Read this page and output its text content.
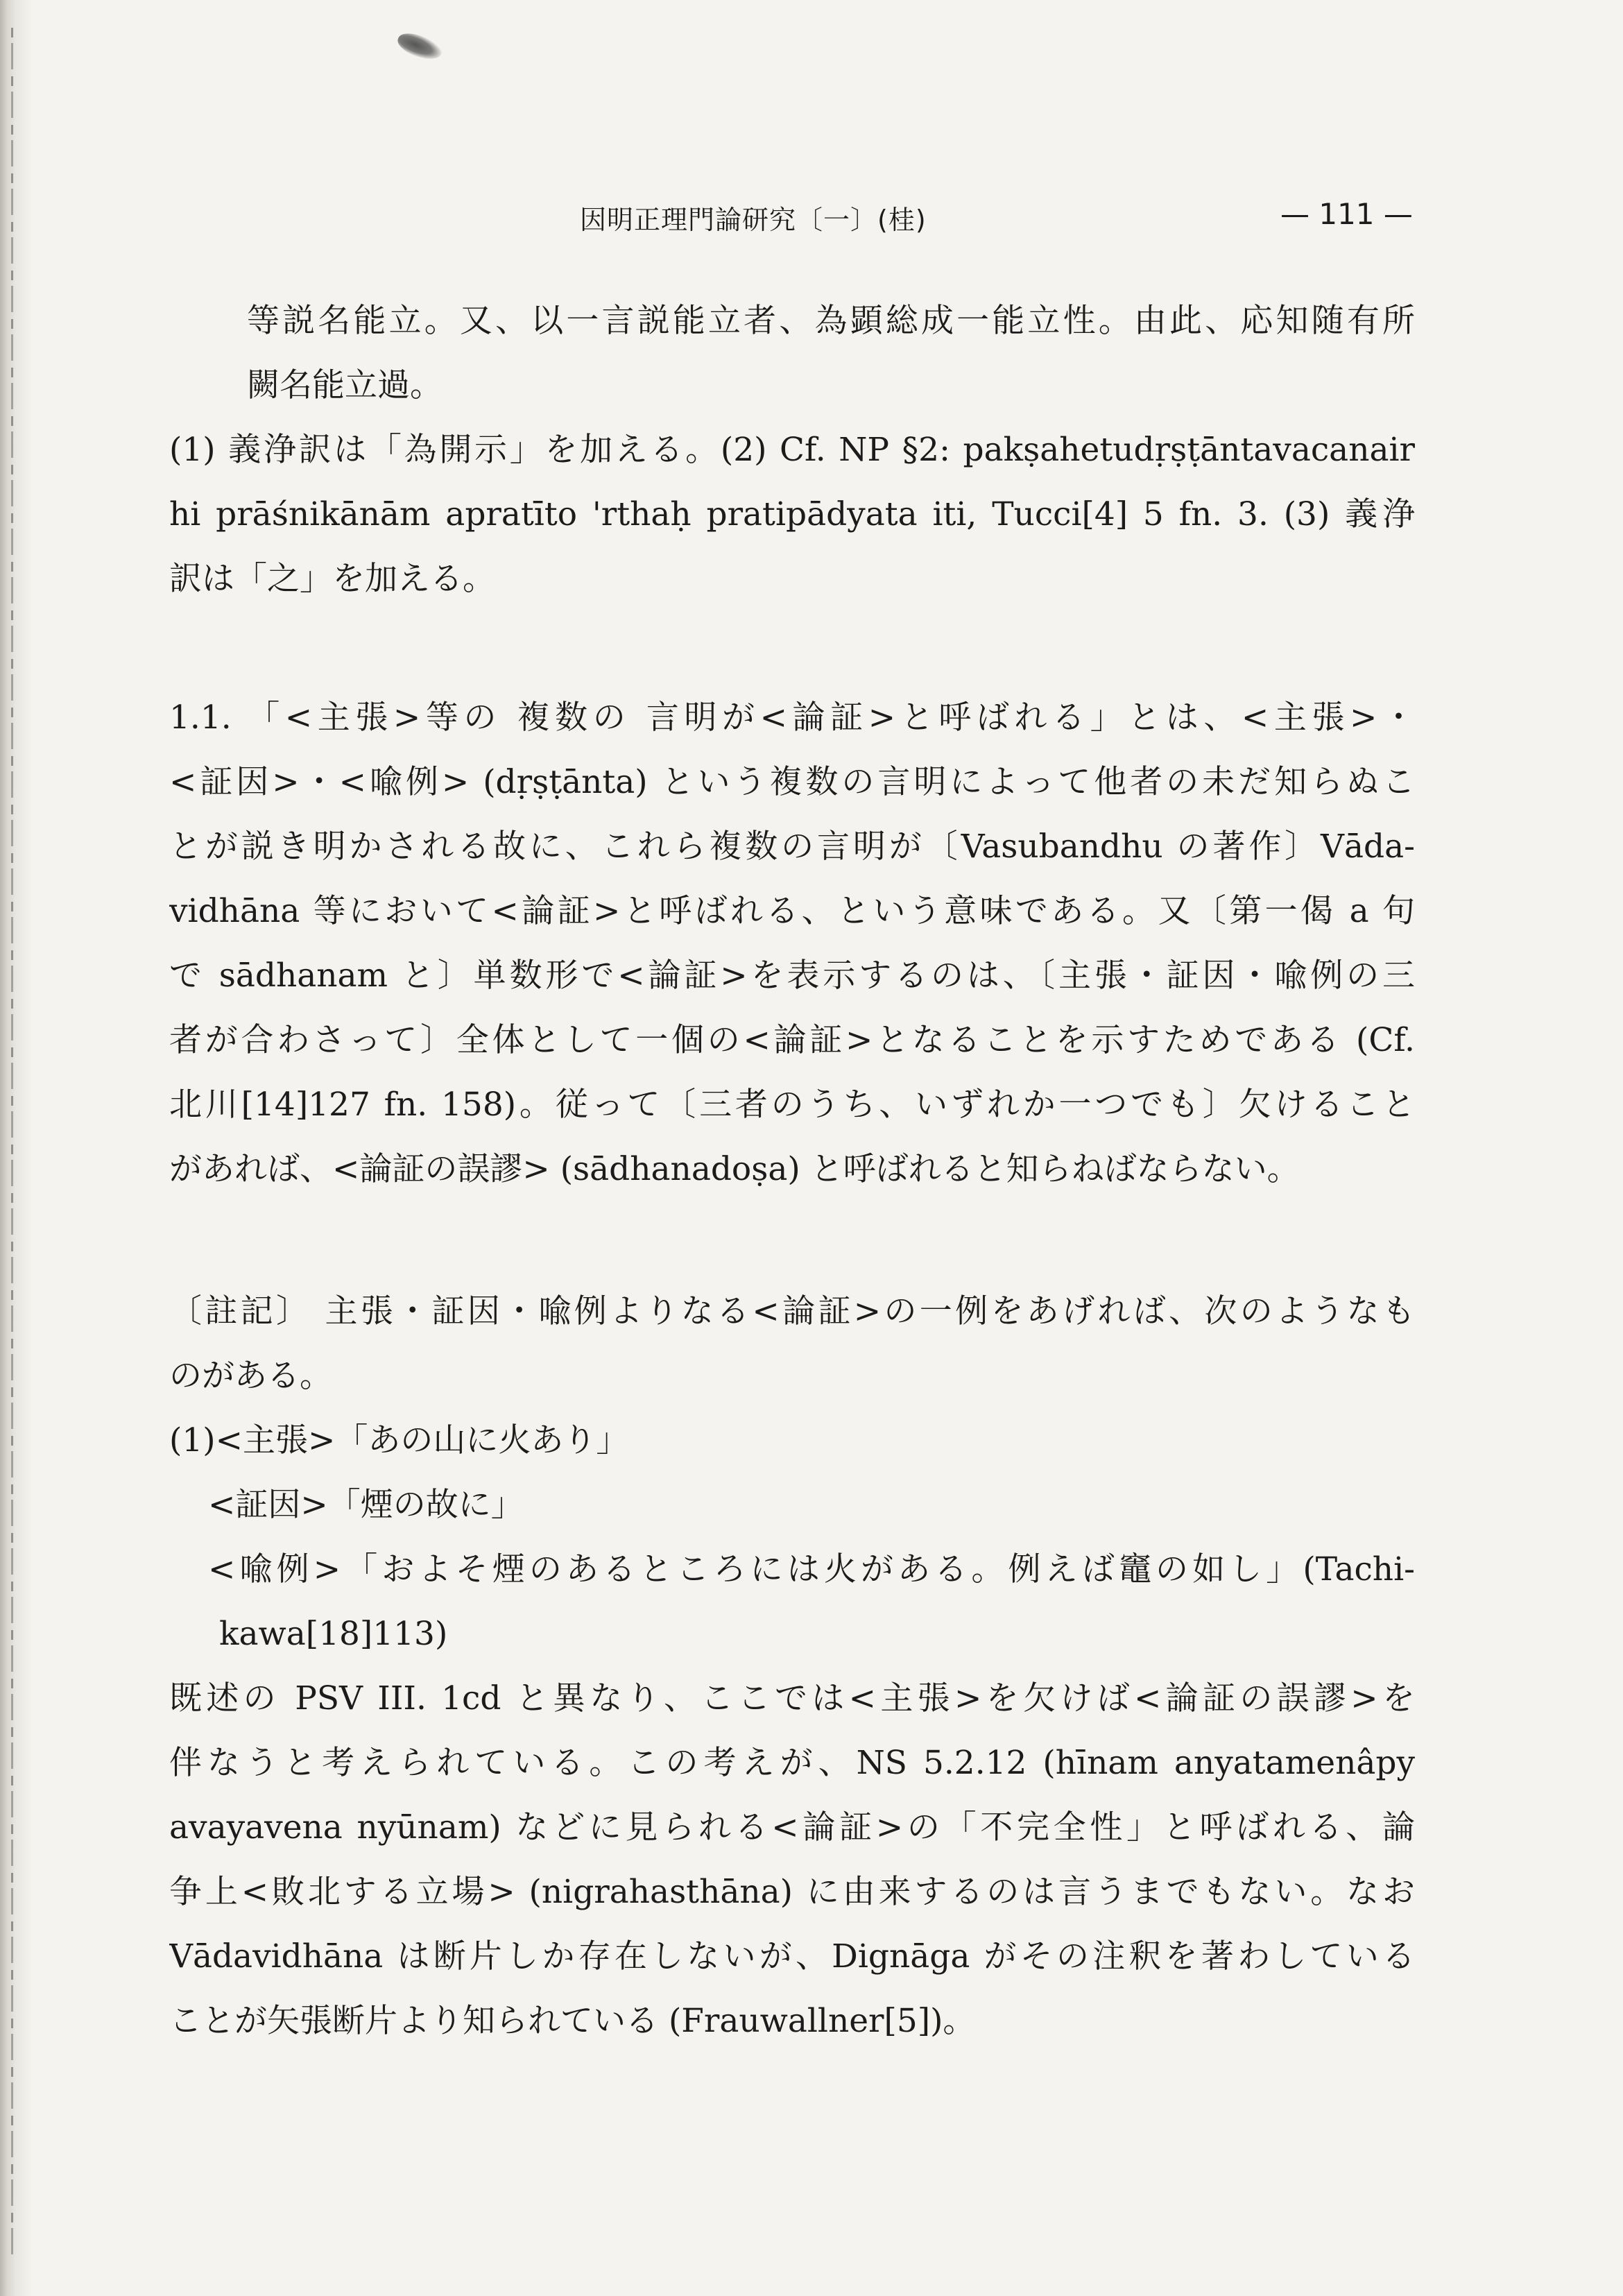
因明正理門論研究〔一〕(桂)	— 111 —
等説名能立。又、以一言説能立者、為顕総成一能立性。由此、応知随有所
闕名能立過。
(1) 義浄訳は「為開示」を加える。(2) Cf. NP §2: pakṣahetudṛṣṭāntavacanair
hi prāśnikānām apratīto 'rthaḥ pratipādyata iti, Tucci[4] 5 fn. 3. (3) 義浄
訳は「之」を加える。
1.1. 「<主張>等の 複数の 言明が<論証>と呼ばれる」とは、<主張>・
<証因>・<喩例> (dṛṣṭānta) という複数の言明によって他者の未だ知らぬこ
とが説き明かされる故に、これら複数の言明が〔Vasubandhu の著作〕Vāda-
vidhāna 等において<論証>と呼ばれる、という意味である。又〔第一偈 a 句
で sādhanam と〕単数形で<論証>を表示するのは、〔主張・証因・喩例の三
者が合わさって〕全体として一個の<論証>となることを示すためである (Cf.
北川[14]127 fn. 158)。従って〔三者のうち、いずれか一つでも〕欠けること
があれば、<論証の誤謬> (sādhanadoṣa) と呼ばれると知らねばならない。
〔註記〕 主張・証因・喩例よりなる<論証>の一例をあげれば、次のようなも
のがある。
(1)<主張>「あの山に火あり」
<証因>「煙の故に」
<喩例>「およそ煙のあるところには火がある。例えば竈の如し」(Tachi-
kawa[18]113)
既述の PSV III. 1cd と異なり、ここでは<主張>を欠けば<論証の誤謬>を
伴なうと考えられている。この考えが、NS 5.2.12 (hīnam anyatamenâpy
avayavena nyūnam) などに見られる<論証>の「不完全性」と呼ばれる、論
争上<敗北する立場> (nigrahasthāna) に由来するのは言うまでもない。なお
Vādavidhāna は断片しか存在しないが、Dignāga がその注釈を著わしている
ことが矢張断片より知られている (Frauwallner[5])。
